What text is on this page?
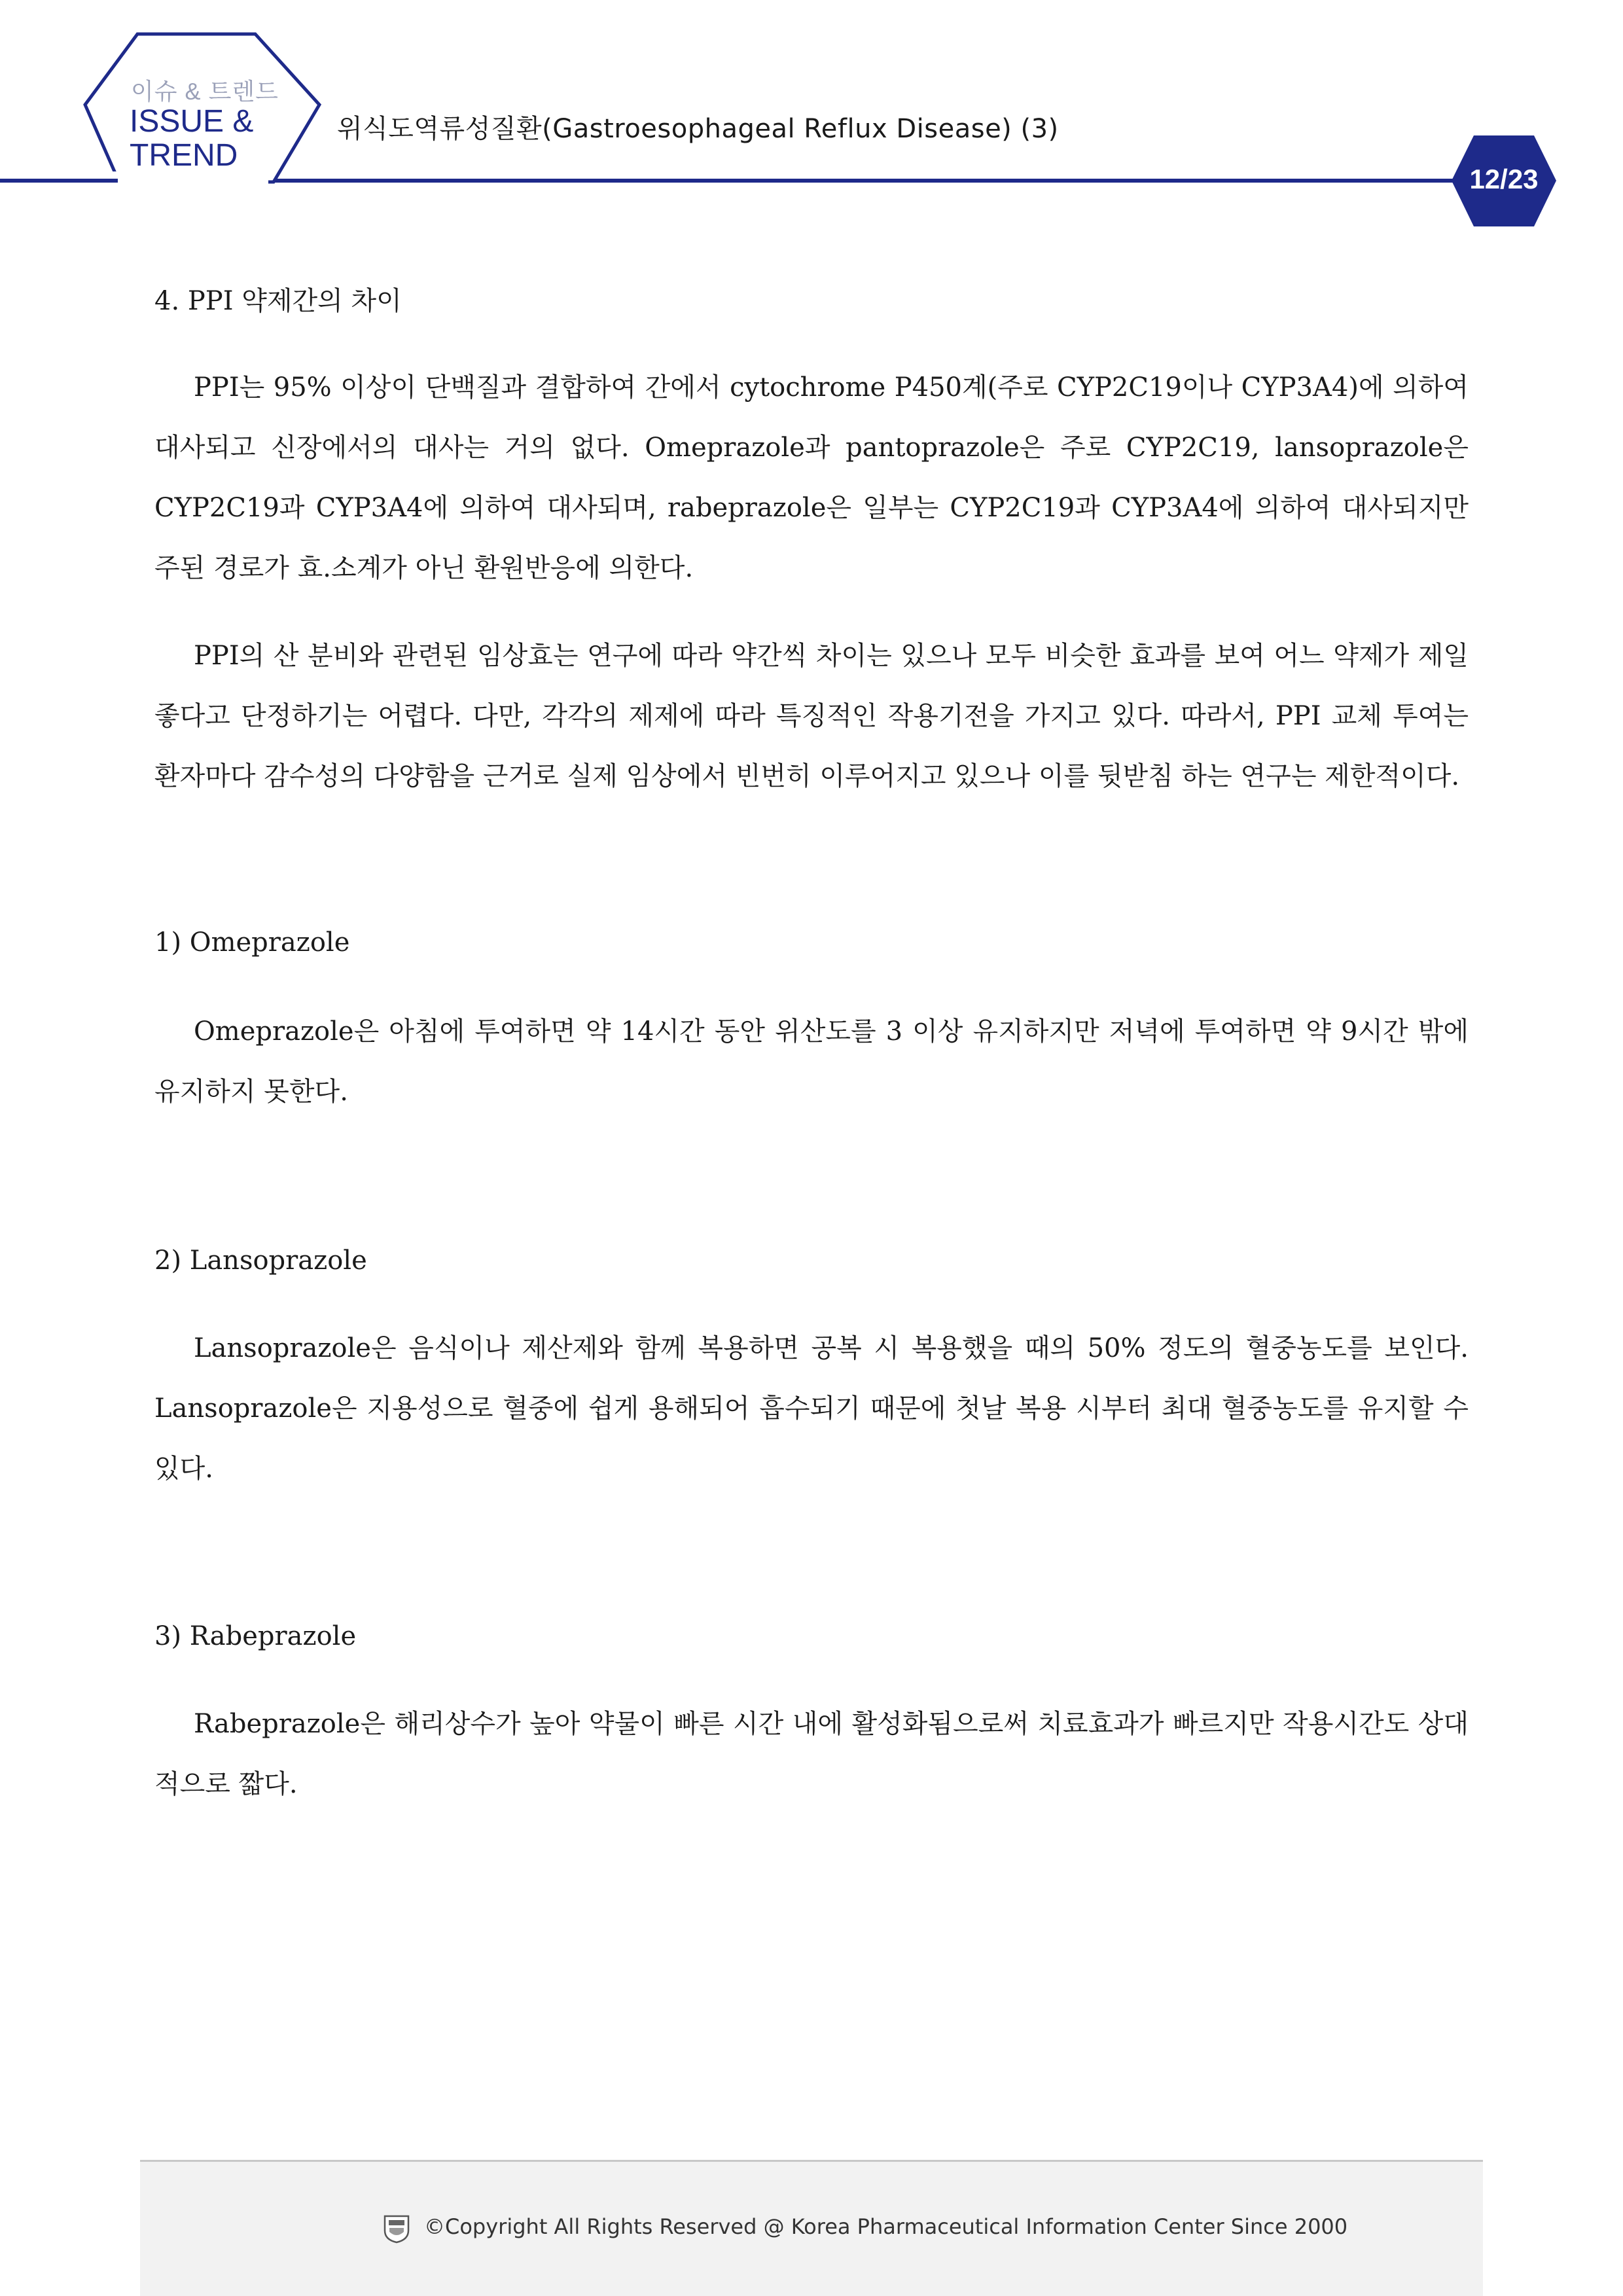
이슈 & 트렌드
ISSUE &
TREND
위식도역류성질환(Gastroesophageal Reflux Disease) (3)
12/23
4. PPI 약제간의 차이

PPI는 95% 이상이 단백질과 결합하여 간에서 cytochrome P450계(주로 CYP2C19이나 CYP3A4)에 의하여 대사되고 신장에서의 대사는 거의 없다. Omeprazole과 pantoprazole은 주로 CYP2C19, lansoprazole은 CYP2C19과 CYP3A4에 의하여 대사되며, rabeprazole은 일부는 CYP2C19과 CYP3A4에 의하여 대사되지만 주된 경로가 효.소계가 아닌 환원반응에 의한다.

PPI의 산 분비와 관련된 임상효는 연구에 따라 약간씩 차이는 있으나 모두 비슷한 효과를 보여 어느 약제가 제일 좋다고 단정하기는 어렵다. 다만, 각각의 제제에 따라 특징적인 작용기전을 가지고 있다. 따라서, PPI 교체 투여는 환자마다 감수성의 다양함을 근거로 실제 임상에서 빈번히 이루어지고 있으나 이를 뒷받침 하는 연구는 제한적이다.

1) Omeprazole

Omeprazole은 아침에 투여하면 약 14시간 동안 위산도를 3 이상 유지하지만 저녁에 투여하면 약 9시간 밖에 유지하지 못한다.

2) Lansoprazole

Lansoprazole은 음식이나 제산제와 함께 복용하면 공복 시 복용했을 때의 50% 정도의 혈중농도를 보인다. Lansoprazole은 지용성으로 혈중에 쉽게 용해되어 흡수되기 때문에 첫날 복용 시부터 최대 혈중농도를 유지할 수 있다.

3) Rabeprazole

Rabeprazole은 해리상수가 높아 약물이 빠른 시간 내에 활성화됨으로써 치료효과가 빠르지만 작용시간도 상대적으로 짧다.

©Copyright All Rights Reserved @ Korea Pharmaceutical Information Center Since 2000
